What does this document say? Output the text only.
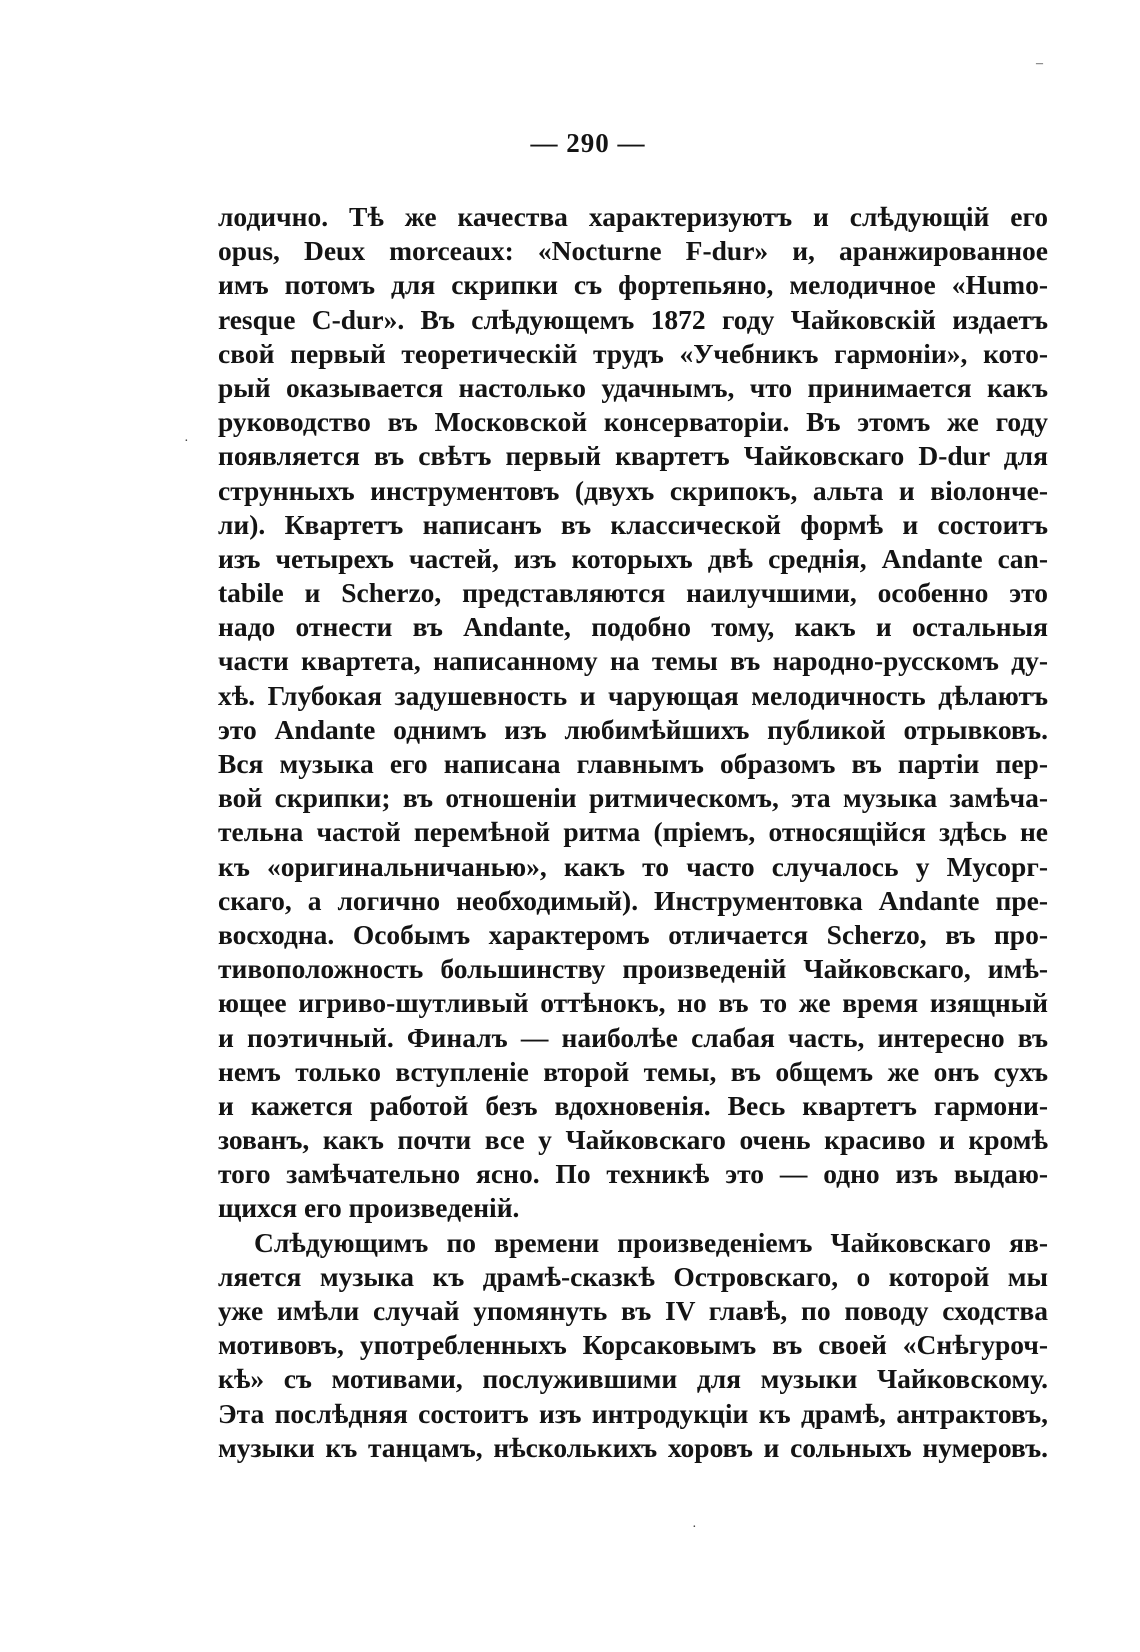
— 290 —
лодично. Тѣ же качества характеризуютъ и слѣдующій его
opus, Deux morceaux: «Nocturne F-dur» и, аранжированное
имъ потомъ для скрипки съ фортепьяно, мелодичное «Humo-
resque C-dur». Въ слѣдующемъ 1872 году Чайковскій издаетъ
свой первый теоретическій трудъ «Учебникъ гармоніи», кото-
рый оказывается настолько удачнымъ, что принимается какъ
руководство въ Московской консерваторіи. Въ этомъ же году
появляется въ свѣтъ первый квартетъ Чайковскаго D-dur для
струнныхъ инструментовъ (двухъ скрипокъ, альта и віолонче-
ли). Квартетъ написанъ въ классической формѣ и состоитъ
изъ четырехъ частей, изъ которыхъ двѣ среднія, Andante can-
tabile и Scherzo, представляются наилучшими, особенно это
надо отнести въ Andante, подобно тому, какъ и остальныя
части квартета, написанному на темы въ народно-русскомъ ду-
хѣ. Глубокая задушевность и чарующая мелодичность дѣлаютъ
это Andante однимъ изъ любимѣйшихъ публикой отрывковъ.
Вся музыка его написана главнымъ образомъ въ партіи пер-
вой скрипки; въ отношеніи ритмическомъ, эта музыка замѣча-
тельна частой перемѣной ритма (пріемъ, относящійся здѣсь не
къ «оригинальничанью», какъ то часто случалось у Мусорг-
скаго, а логично необходимый). Инструментовка Andante пре-
восходна. Особымъ характеромъ отличается Scherzo, въ про-
тивоположность большинству произведеній Чайковскаго, имѣ-
ющее игриво-шутливый оттѣнокъ, но въ то же время изящный
и поэтичный. Финалъ — наиболѣе слабая часть, интересно въ
немъ только вступленіе второй темы, въ общемъ же онъ сухъ
и кажется работой безъ вдохновенія. Весь квартетъ гармони-
зованъ, какъ почти все у Чайковскаго очень красиво и кромѣ
того замѣчательно ясно. По техникѣ это — одно изъ выдаю-
щихся его произведеній.
Слѣдующимъ по времени произведеніемъ Чайковскаго яв-
ляется музыка къ драмѣ-сказкѣ Островскаго, о которой мы
уже имѣли случай упомянуть въ IV главѣ, по поводу сходства
мотивовъ, употребленныхъ Корсаковымъ въ своей «Снѣгуроч-
кѣ» съ мотивами, послужившими для музыки Чайковскому.
Эта послѣдняя состоитъ изъ интродукціи къ драмѣ, антрактовъ,
музыки къ танцамъ, нѣсколькихъ хоровъ и сольныхъ нумеровъ.
‒
·
·
